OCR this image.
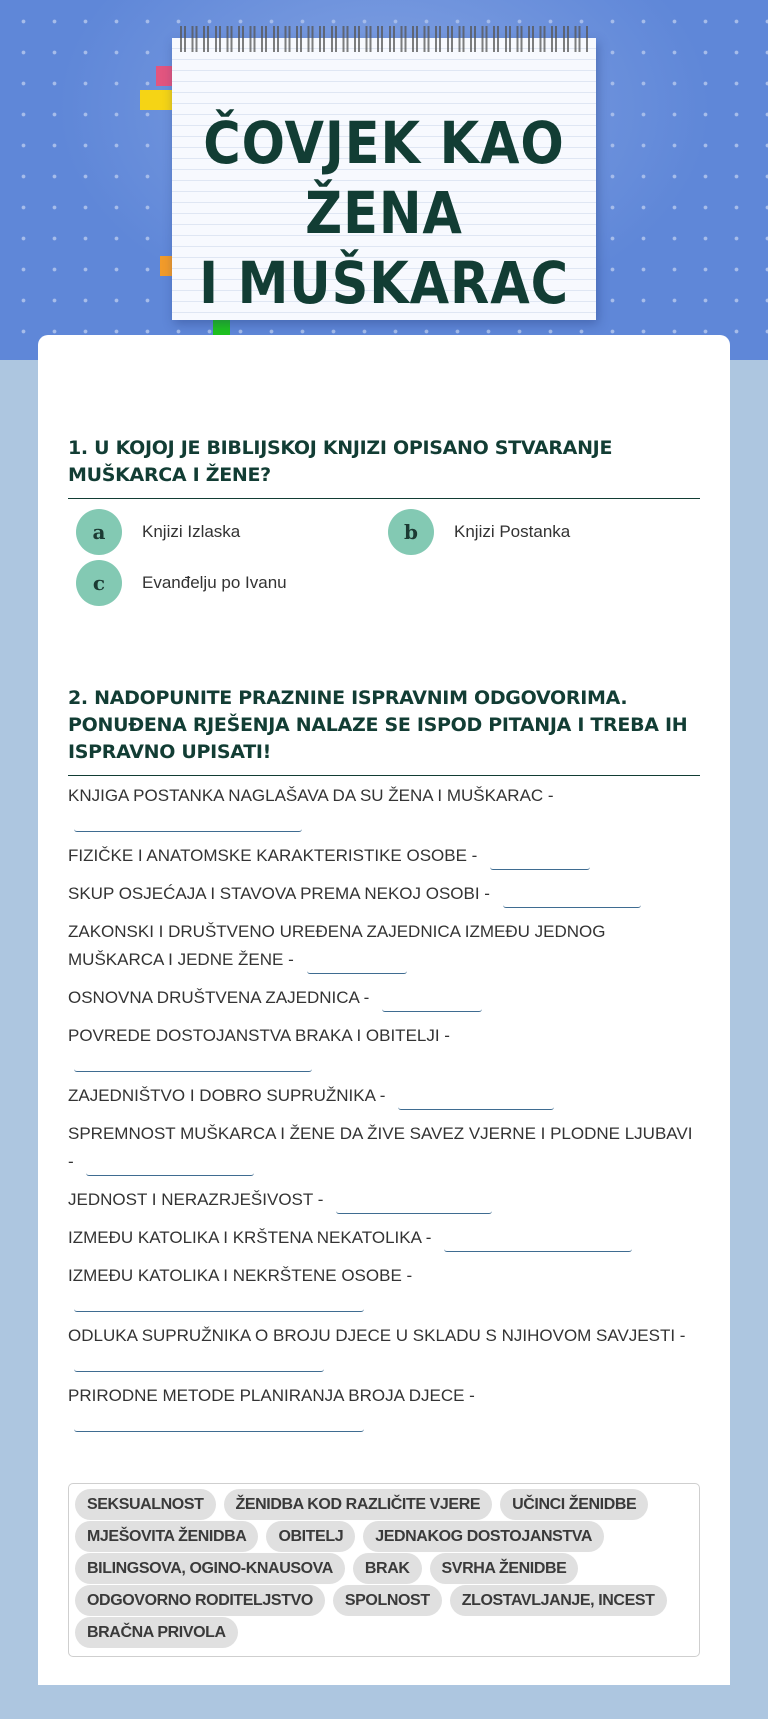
ČOVJEK KAO ŽENA
I MUŠKARAC
1. U KOJOJ JE BIBLIJSKOJ KNJIZI OPISANO STVARANJE MUŠKARCA I ŽENE?
a	Knjizi Izlaska	b	Knjizi Postanka
c	Evanđelju po Ivanu
2. NADOPUNITE PRAZNINE ISPRAVNIM ODGOVORIMA. PONUĐENA RJEŠENJA NALAZE SE ISPOD PITANJA I TREBA IH ISPRAVNO UPISATI!
KNJIGA POSTANKA NAGLAŠAVA DA SU ŽENA I MUŠKARAC -
FIZIČKE I ANATOMSKE KARAKTERISTIKE OSOBE -
SKUP OSJEĆAJA I STAVOVA PREMA NEKOJ OSOBI -
ZAKONSKI I DRUŠTVENO UREĐENA ZAJEDNICA IZMEĐU JEDNOG MUŠKARCA I JEDNE ŽENE -
OSNOVNA DRUŠTVENA ZAJEDNICA -
POVREDE DOSTOJANSTVA BRAKA I OBITELJI -
ZAJEDNIŠTVO I DOBRO SUPRUŽNIKA -
SPREMNOST MUŠKARCA I ŽENE DA ŽIVE SAVEZ VJERNE I PLODNE LJUBAVI -
JEDNOST I NERAZRJEŠIVOST -
IZMEĐU KATOLIKA I KRŠTENA NEKATOLIKA -
IZMEĐU KATOLIKA I NEKRŠTENE OSOBE -
ODLUKA SUPRUŽNIKA O BROJU DJECE U SKLADU S NJIHOVOM SAVJESTI -
PRIRODNE METODE PLANIRANJA BROJA DJECE -
SEKSUALNOST	ŽENIDBA KOD RAZLIČITE VJERE	UČINCI ŽENIDBE
MJEŠOVITA ŽENIDBA	OBITELJ	JEDNAKOG DOSTOJANSTVA
BILINGSOVA, OGINO-KNAUSOVA	BRAK	SVRHA ŽENIDBE
ODGOVORNO RODITELJSTVO	SPOLNOST	ZLOSTAVLJANJE, INCEST
BRAČNA PRIVOLA
